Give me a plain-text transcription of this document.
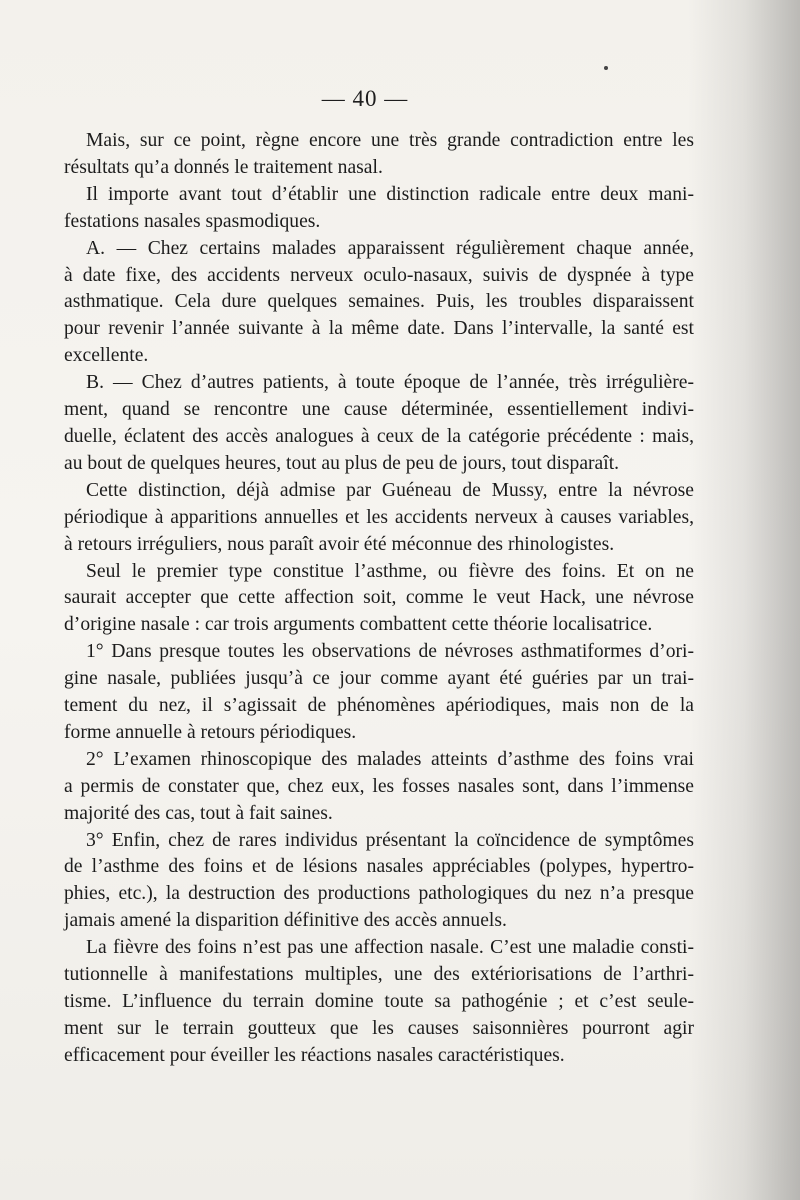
— 40 —
Mais, sur ce point, règne encore une très grande contradiction entre les
résultats qu’a donnés le traitement nasal.
Il importe avant tout d’établir une distinction radicale entre deux mani-
festations nasales spasmodiques.
A. — Chez certains malades apparaissent régulièrement chaque année,
à date fixe, des accidents nerveux oculo-nasaux, suivis de dyspnée à type
asthmatique. Cela dure quelques semaines. Puis, les troubles disparaissent
pour revenir l’année suivante à la même date. Dans l’intervalle, la santé est
excellente.
B. — Chez d’autres patients, à toute époque de l’année, très irrégulière-
ment, quand se rencontre une cause déterminée, essentiellement indivi-
duelle, éclatent des accès analogues à ceux de la catégorie précédente : mais,
au bout de quelques heures, tout au plus de peu de jours, tout disparaît.
Cette distinction, déjà admise par Guéneau de Mussy, entre la névrose
périodique à apparitions annuelles et les accidents nerveux à causes variables,
à retours irréguliers, nous paraît avoir été méconnue des rhinologistes.
Seul le premier type constitue l’asthme, ou fièvre des foins. Et on ne
saurait accepter que cette affection soit, comme le veut Hack, une névrose
d’origine nasale : car trois arguments combattent cette théorie localisatrice.
1° Dans presque toutes les observations de névroses asthmatiformes d’ori-
gine nasale, publiées jusqu’à ce jour comme ayant été guéries par un trai-
tement du nez, il s’agissait de phénomènes apériodiques, mais non de la
forme annuelle à retours périodiques.
2° L’examen rhinoscopique des malades atteints d’asthme des foins vrai
a permis de constater que, chez eux, les fosses nasales sont, dans l’immense
majorité des cas, tout à fait saines.
3° Enfin, chez de rares individus présentant la coïncidence de symptômes
de l’asthme des foins et de lésions nasales appréciables (polypes, hypertro-
phies, etc.), la destruction des productions pathologiques du nez n’a presque
jamais amené la disparition définitive des accès annuels.
La fièvre des foins n’est pas une affection nasale. C’est une maladie consti-
tutionnelle à manifestations multiples, une des extériorisations de l’arthri-
tisme. L’influence du terrain domine toute sa pathogénie ; et c’est seule-
ment sur le terrain goutteux que les causes saisonnières pourront agir
efficacement pour éveiller les réactions nasales caractéristiques.
